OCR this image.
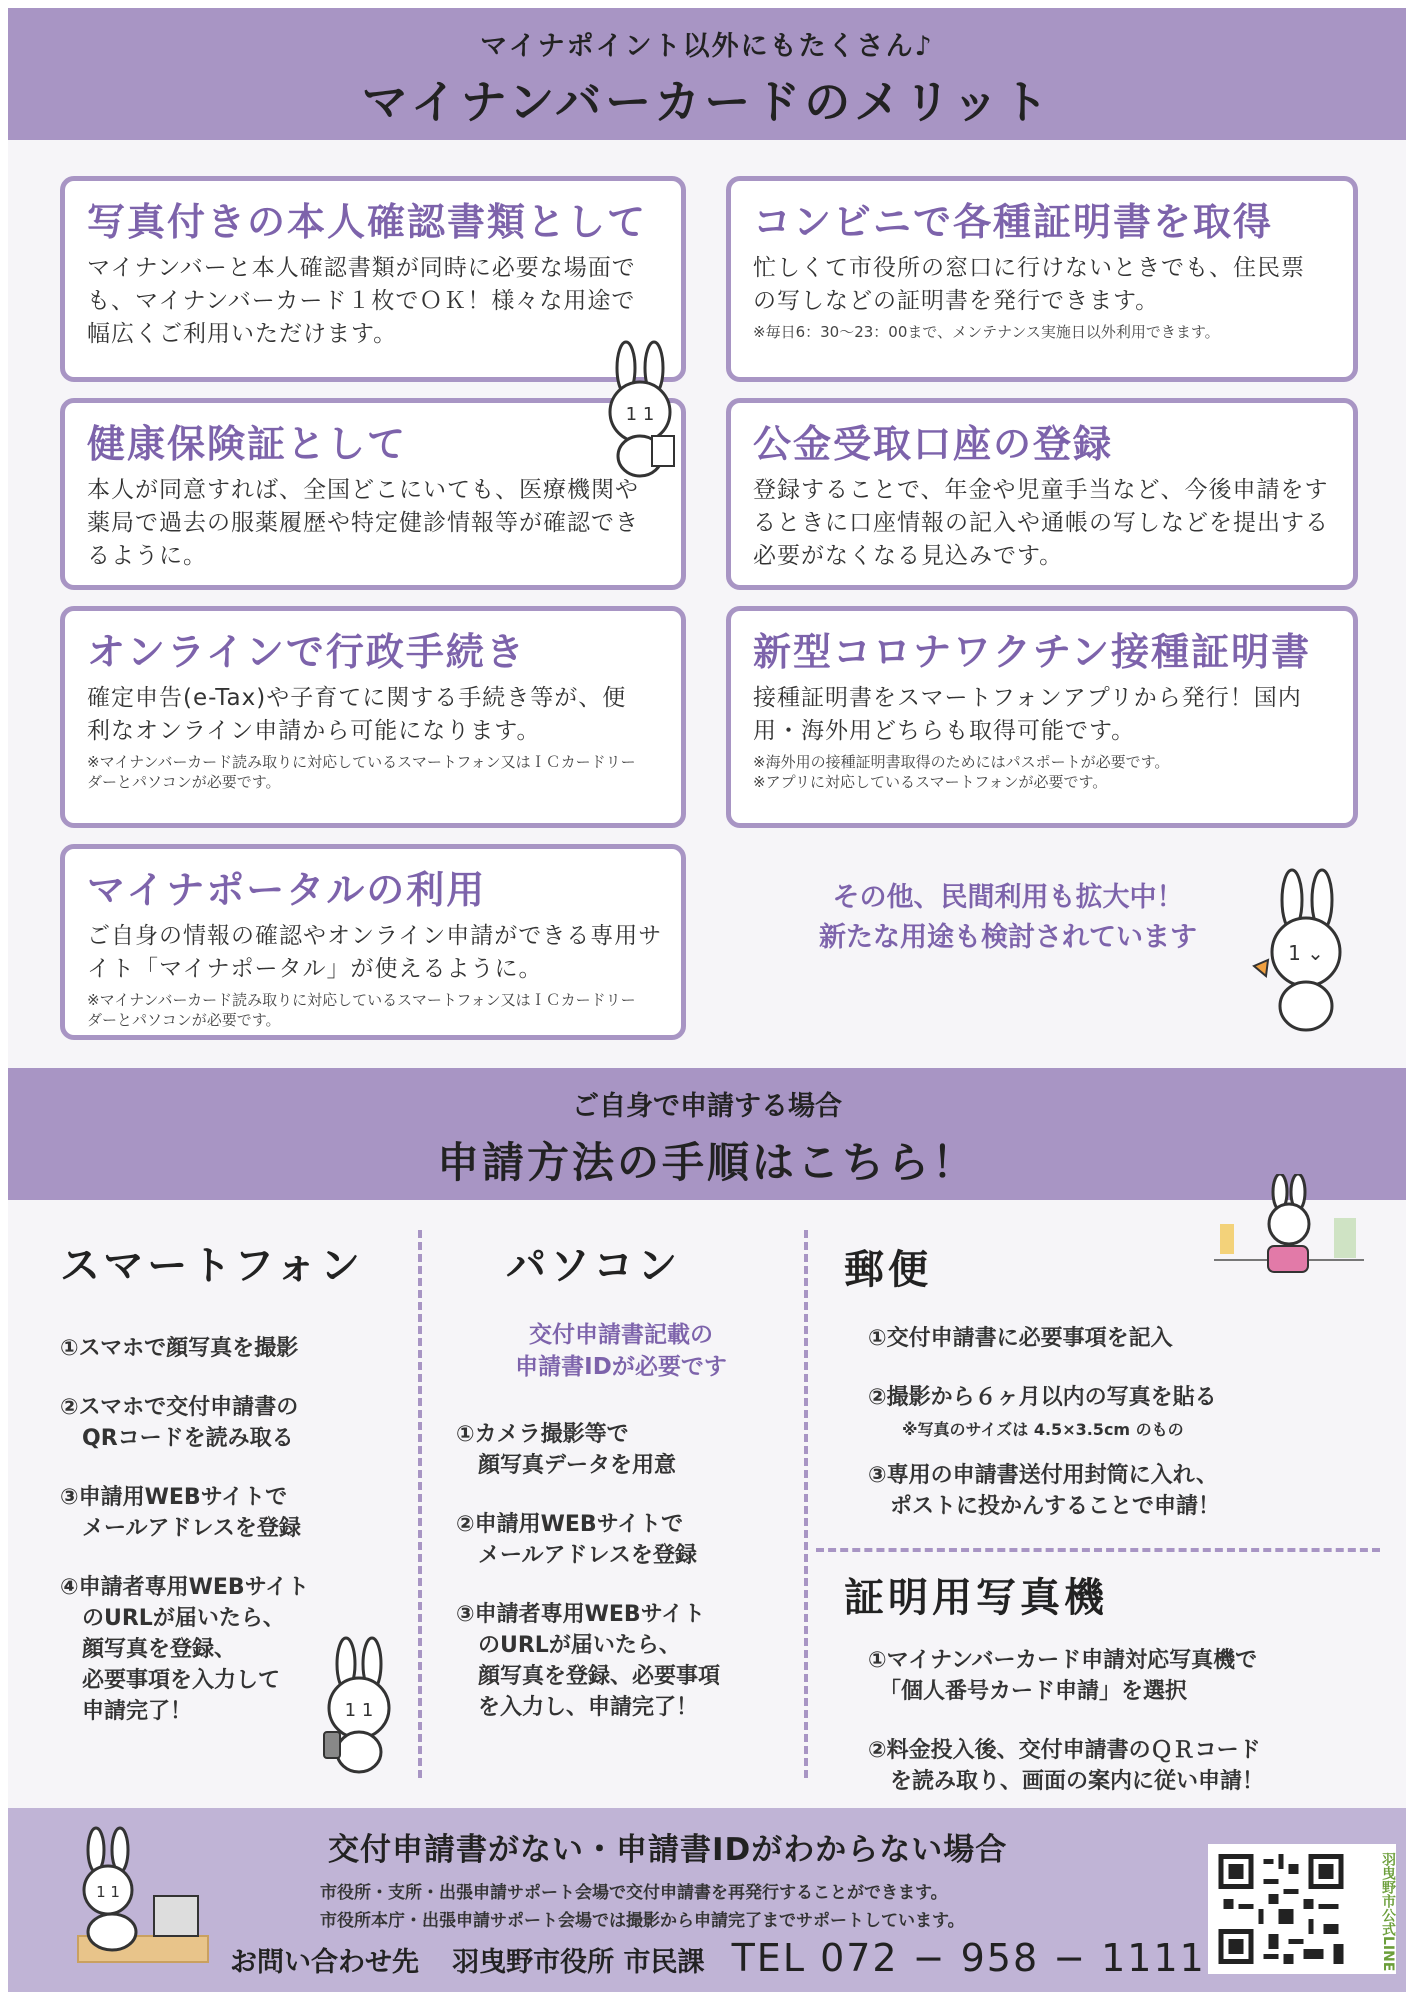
マイナポイント以外にもたくさん♪
マイナンバーカードのメリット
写真付きの本人確認書類として
マイナンバーと本人確認書類が同時に必要な場面でも、マイナンバーカード１枚でＯＫ！様々な用途で幅広くご利用いただけます。
コンビニで各種証明書を取得
忙しくて市役所の窓口に行けないときでも、住民票の写しなどの証明書を発行できます。
※毎日6：30〜23：00まで、メンテナンス実施日以外利用できます。
健康保険証として
本人が同意すれば、全国どこにいても、医療機関や薬局で過去の服薬履歴や特定健診情報等が確認できるように。
公金受取口座の登録
登録することで、年金や児童手当など、今後申請をするときに口座情報の記入や通帳の写しなどを提出する必要がなくなる見込みです。
オンラインで行政手続き
確定申告(e-Tax)や子育てに関する手続き等が、便利なオンライン申請から可能になります。
※マイナンバーカード読み取りに対応しているスマートフォン又はＩＣカードリーダーとパソコンが必要です。
新型コロナワクチン接種証明書
接種証明書をスマートフォンアプリから発行！国内用・海外用どちらも取得可能です。
※海外用の接種証明書取得のためにはパスポートが必要です。
※アプリに対応しているスマートフォンが必要です。
マイナポータルの利用
ご自身の情報の確認やオンライン申請ができる専用サイト「マイナポータル」が使えるように。
※マイナンバーカード読み取りに対応しているスマートフォン又はＩＣカードリーダーとパソコンが必要です。
その他、民間利用も拡大中！
新たな用途も検討されています
1 1
1 ⌄
ご自身で申請する場合
申請方法の手順はこちら！
スマートフォン
①スマホで顔写真を撮影
②スマホで交付申請書の
　QRコードを読み取る
③申請用WEBサイトで
　メールアドレスを登録
④申請者専用WEBサイト
　のURLが届いたら、
　顔写真を登録、
　必要事項を入力して
　申請完了！	1 1
パソコン
交付申請書記載の
申請書IDが必要です
①カメラ撮影等で
　顔写真データを用意
②申請用WEBサイトで
　メールアドレスを登録
③申請者専用WEBサイト
　のURLが届いたら、
　顔写真を登録、必要事項
　を入力し、申請完了！
郵便
①交付申請書に必要事項を記入
②撮影から６ヶ月以内の写真を貼る
※写真のサイズは 4.5×3.5cm のもの
③専用の申請書送付用封筒に入れ、
　ポストに投かんすることで申請！
証明用写真機
①マイナンバーカード申請対応写真機で
　「個人番号カード申請」を選択
②料金投入後、交付申請書のＱＲコード
　を読み取り、画面の案内に従い申請！
交付申請書がない・申請書IDがわからない場合
市役所・支所・出張申請サポート会場で交付申請書を再発行することができます。
市役所本庁・出張申請サポート会場では撮影から申請完了までサポートしています。
お問い合わせ先 羽曳野市役所 市民課 TEL 072 − 958 − 1111
1 1	羽曳野市公式LINE
